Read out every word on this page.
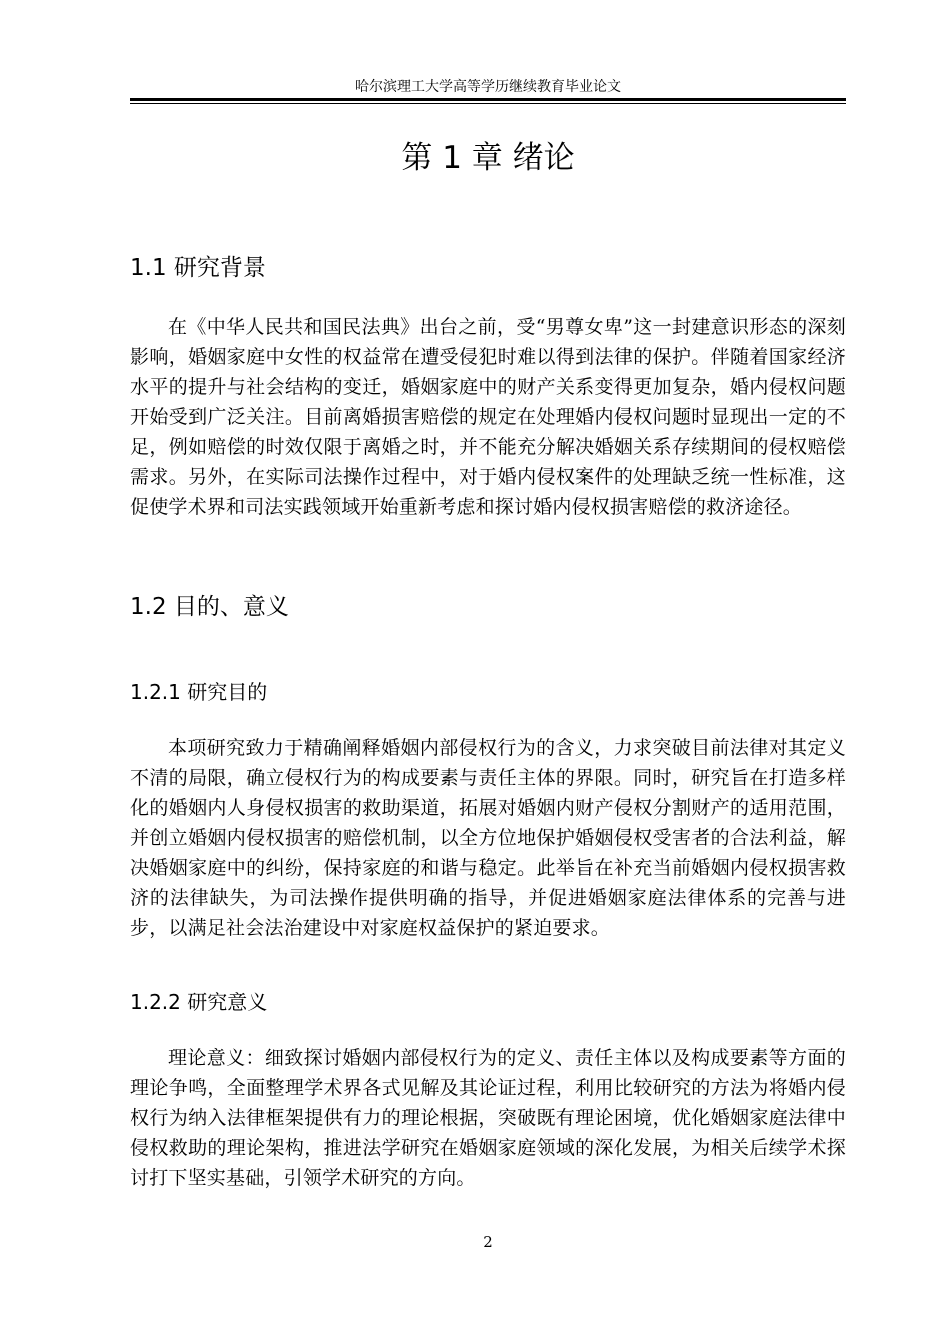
哈尔滨理工大学高等学历继续教育毕业论文
第 1 章 绪论
1.1 研究背景
在《中华人民共和国民法典》出台之前，受“男尊女卑”这一封建意识形态的深刻影响，婚姻家庭中女性的权益常在遭受侵犯时难以得到法律的保护。伴随着国家经济水平的提升与社会结构的变迁，婚姻家庭中的财产关系变得更加复杂，婚内侵权问题开始受到广泛关注。目前离婚损害赔偿的规定在处理婚内侵权问题时显现出一定的不足，例如赔偿的时效仅限于离婚之时，并不能充分解决婚姻关系存续期间的侵权赔偿需求。另外，在实际司法操作过程中，对于婚内侵权案件的处理缺乏统一性标准，这促使学术界和司法实践领域开始重新考虑和探讨婚内侵权损害赔偿的救济途径。
1.2 目的、意义
1.2.1 研究目的
本项研究致力于精确阐释婚姻内部侵权行为的含义，力求突破目前法律对其定义不清的局限，确立侵权行为的构成要素与责任主体的界限。同时，研究旨在打造多样化的婚姻内人身侵权损害的救助渠道，拓展对婚姻内财产侵权分割财产的适用范围，并创立婚姻内侵权损害的赔偿机制，以全方位地保护婚姻侵权受害者的合法利益，解决婚姻家庭中的纠纷，保持家庭的和谐与稳定。此举旨在补充当前婚姻内侵权损害救济的法律缺失，为司法操作提供明确的指导，并促进婚姻家庭法律体系的完善与进步，以满足社会法治建设中对家庭权益保护的紧迫要求。
1.2.2 研究意义
理论意义：细致探讨婚姻内部侵权行为的定义、责任主体以及构成要素等方面的理论争鸣，全面整理学术界各式见解及其论证过程，利用比较研究的方法为将婚内侵权行为纳入法律框架提供有力的理论根据，突破既有理论困境，优化婚姻家庭法律中侵权救助的理论架构，推进法学研究在婚姻家庭领域的深化发展，为相关后续学术探讨打下坚实基础，引领学术研究的方向。
2
